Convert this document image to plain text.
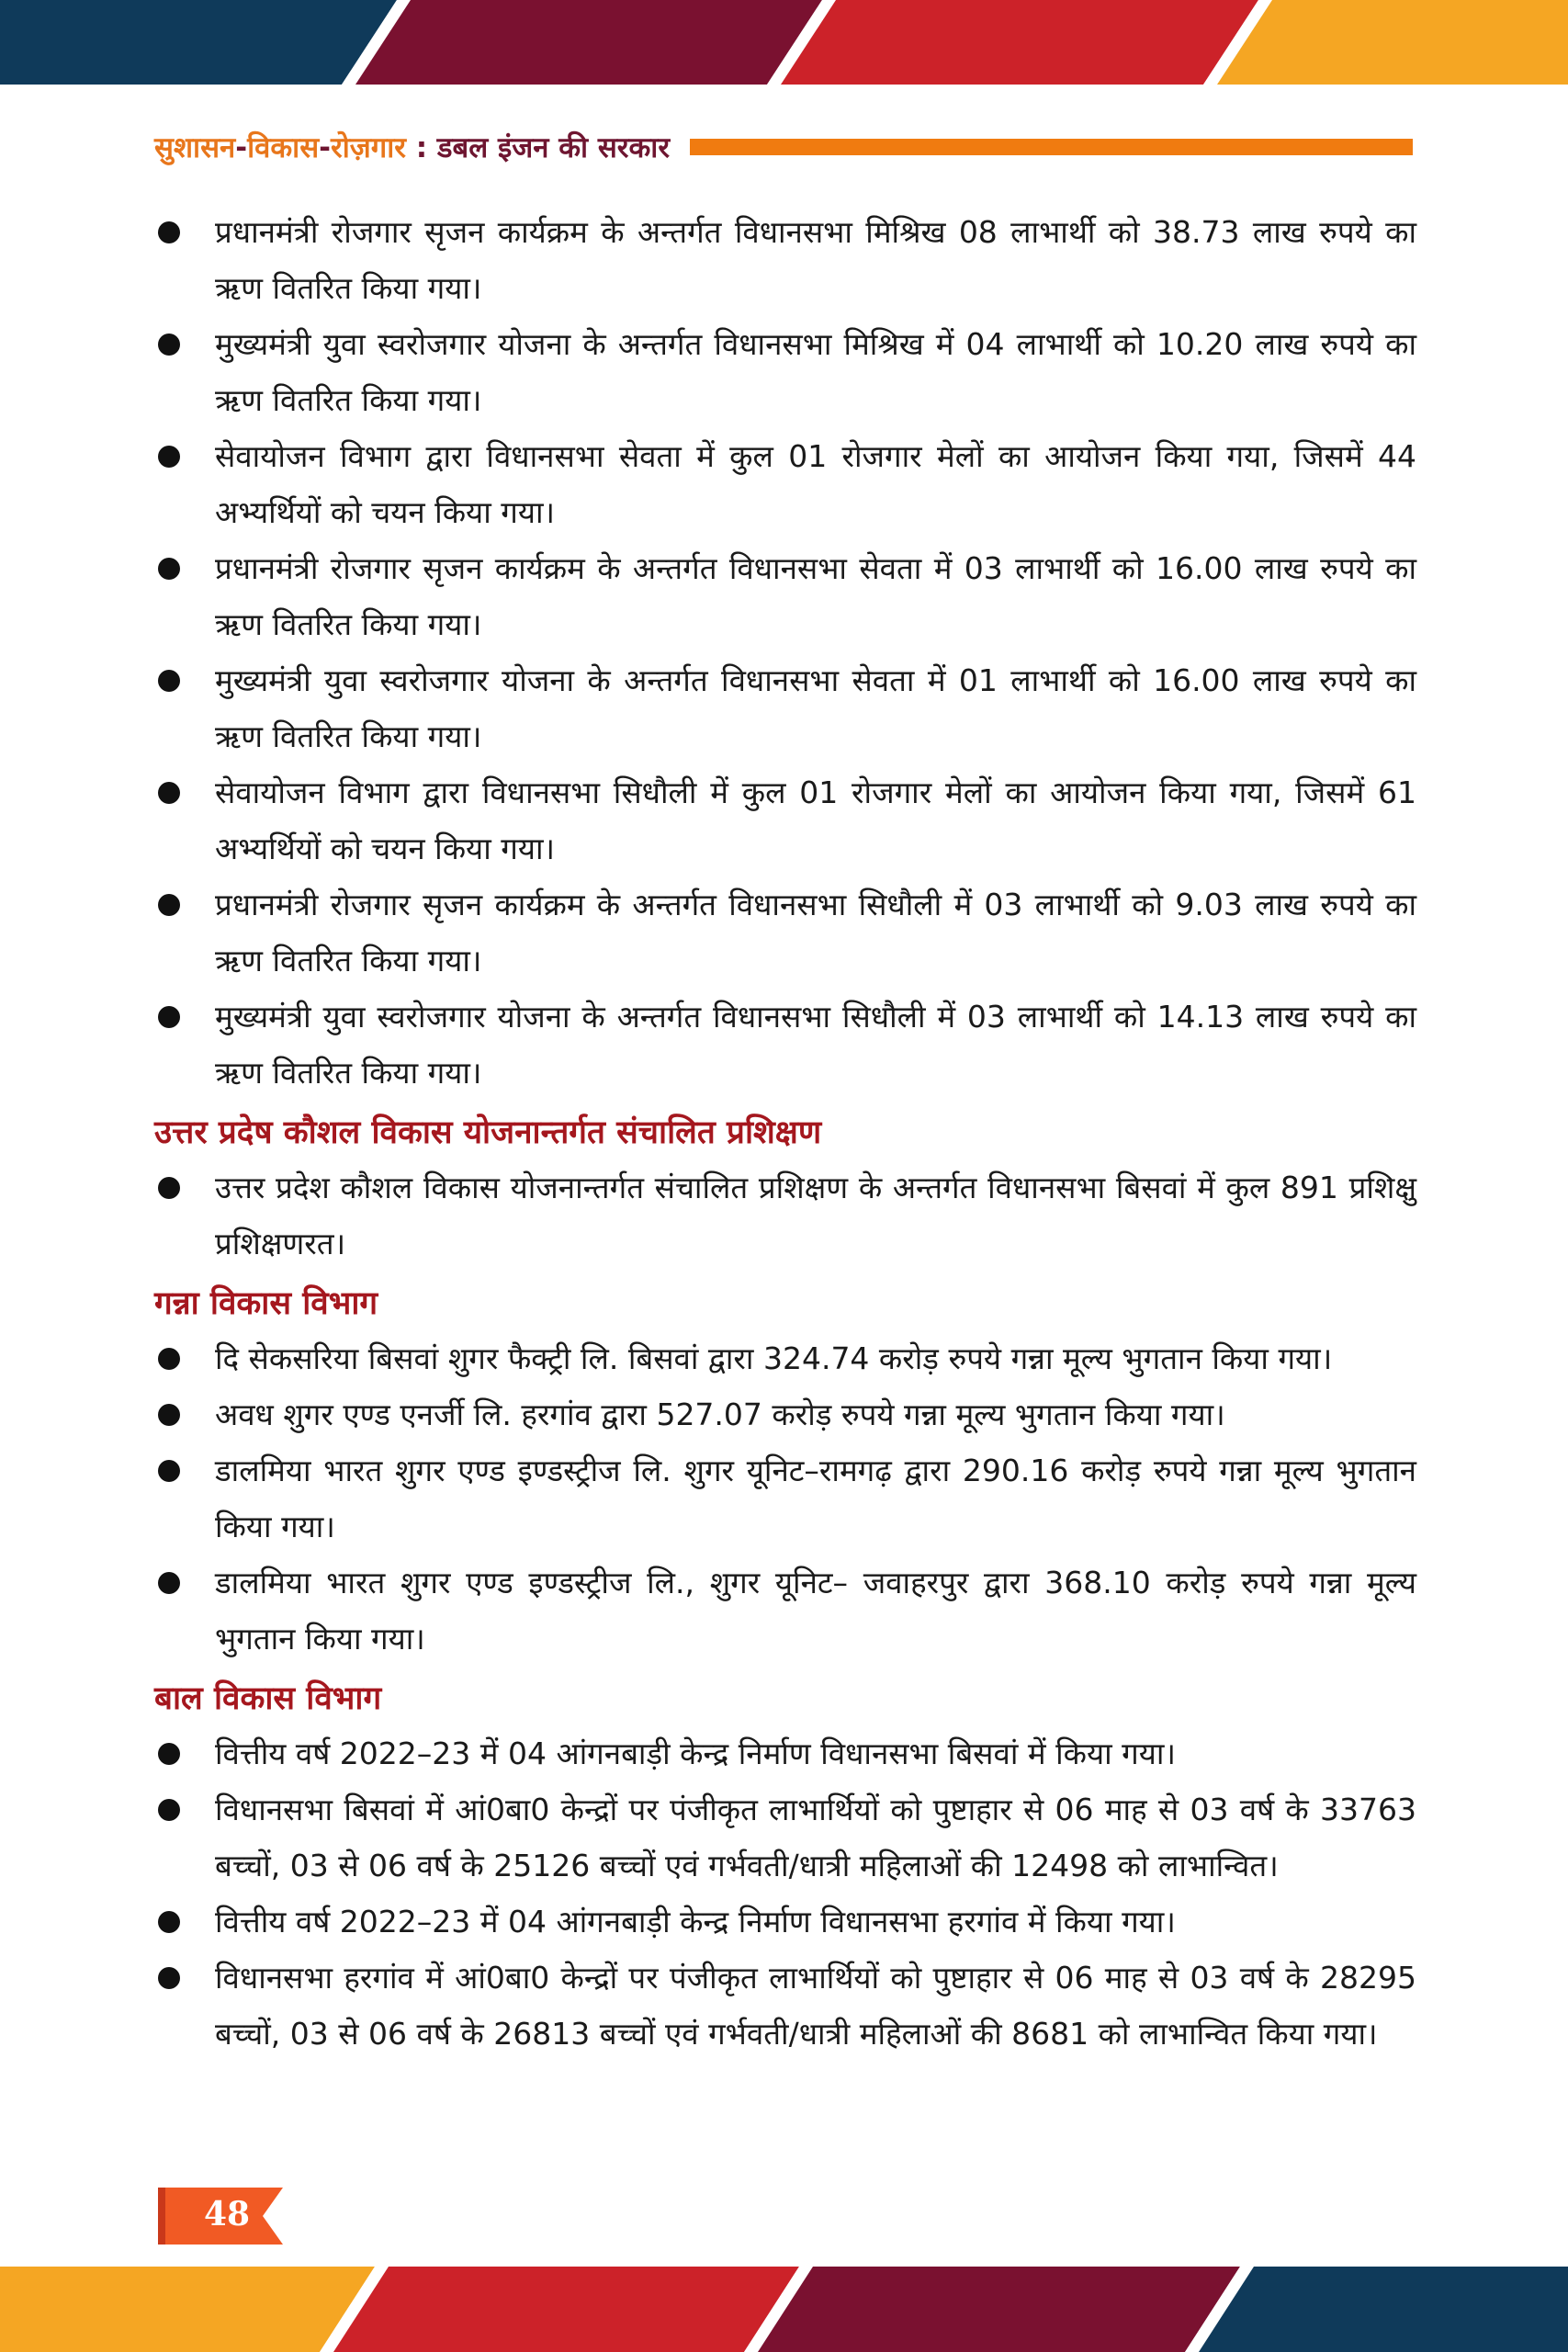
सुशासन-विकास-रोज़गार : डबल इंजन की सरकार
प्रधानमंत्री रोजगार सृजन कार्यक्रम के अन्तर्गत विधानसभा मिश्रिख 08 लाभार्थी को 38.73 लाख रुपये का ऋण वितरित किया गया।
मुख्यमंत्री युवा स्वरोजगार योजना के अन्तर्गत विधानसभा मिश्रिख में 04 लाभार्थी को 10.20 लाख रुपये का ऋण वितरित किया गया।
सेवायोजन विभाग द्वारा विधानसभा सेवता में कुल 01 रोजगार मेलों का आयोजन किया गया, जिसमें 44 अभ्यर्थियों को चयन किया गया।
प्रधानमंत्री रोजगार सृजन कार्यक्रम के अन्तर्गत विधानसभा सेवता में 03 लाभार्थी को 16.00 लाख रुपये का ऋण वितरित किया गया।
मुख्यमंत्री युवा स्वरोजगार योजना के अन्तर्गत विधानसभा सेवता में 01 लाभार्थी को 16.00 लाख रुपये का ऋण वितरित किया गया।
सेवायोजन विभाग द्वारा विधानसभा सिधौली में कुल 01 रोजगार मेलों का आयोजन किया गया, जिसमें 61 अभ्यर्थियों को चयन किया गया।
प्रधानमंत्री रोजगार सृजन कार्यक्रम के अन्तर्गत विधानसभा सिधौली में 03 लाभार्थी को 9.03 लाख रुपये का ऋण वितरित किया गया।
मुख्यमंत्री युवा स्वरोजगार योजना के अन्तर्गत विधानसभा सिधौली में 03 लाभार्थी को 14.13 लाख रुपये का ऋण वितरित किया गया।
उत्तर प्रदेष कौशल विकास योजनान्तर्गत संचालित प्रशिक्षण
उत्तर प्रदेश कौशल विकास योजनान्तर्गत संचालित प्रशिक्षण के अन्तर्गत विधानसभा बिसवां में कुल 891 प्रशिक्षु प्रशिक्षणरत।
गन्ना विकास विभाग
दि सेकसरिया बिसवां शुगर फैक्ट्री लि. बिसवां द्वारा 324.74 करोड़ रुपये गन्ना मूल्य भुगतान किया गया।
अवध शुगर एण्ड एनर्जी लि. हरगांव द्वारा 527.07 करोड़ रुपये गन्ना मूल्य भुगतान किया गया।
डालमिया भारत शुगर एण्ड इण्डस्ट्रीज लि. शुगर यूनिट–रामगढ़ द्वारा 290.16 करोड़ रुपये गन्ना मूल्य भुगतान किया गया।
डालमिया भारत शुगर एण्ड इण्डस्ट्रीज लि., शुगर यूनिट– जवाहरपुर द्वारा 368.10 करोड़ रुपये गन्ना मूल्य भुगतान किया गया।
बाल विकास विभाग
वित्तीय वर्ष 2022–23 में 04 आंगनबाड़ी केन्द्र निर्माण विधानसभा बिसवां में किया गया।
विधानसभा बिसवां में आं0बा0 केन्द्रों पर पंजीकृत लाभार्थियों को पुष्टाहार से 06 माह से 03 वर्ष के 33763 बच्चों, 03 से 06 वर्ष के 25126 बच्चों एवं गर्भवती/धात्री महिलाओं की 12498 को लाभान्वित।
वित्तीय वर्ष 2022–23 में 04 आंगनबाड़ी केन्द्र निर्माण विधानसभा हरगांव में किया गया।
विधानसभा हरगांव में आं0बा0 केन्द्रों पर पंजीकृत लाभार्थियों को पुष्टाहार से 06 माह से 03 वर्ष के 28295 बच्चों, 03 से 06 वर्ष के 26813 बच्चों एवं गर्भवती/धात्री महिलाओं की 8681 को लाभान्वित किया गया।
48
